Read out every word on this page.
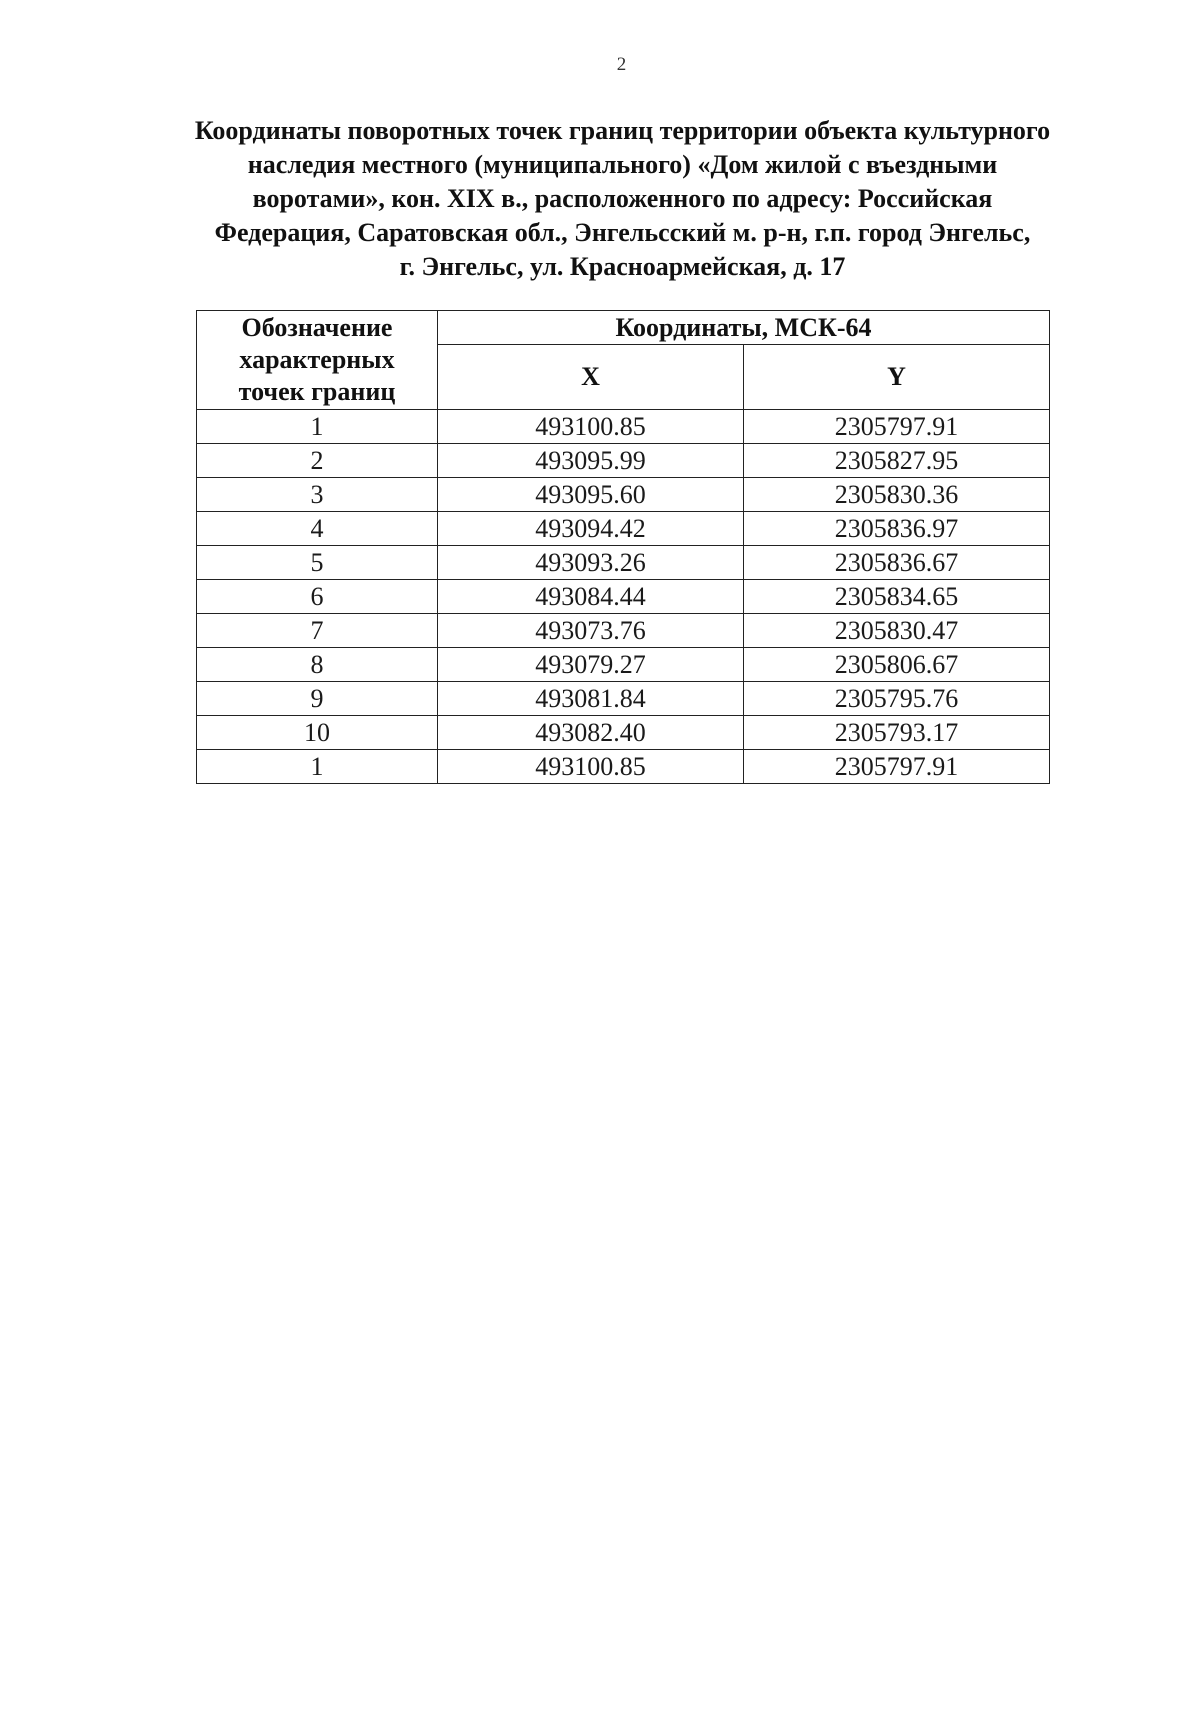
2
Координаты поворотных точек границ территории объекта культурного
наследия местного (муниципального) «Дом жилой с въездными
воротами», кон. XIX в., расположенного по адресу: Российская
Федерация, Саратовская обл., Энгельсский м. р-н, г.п. город Энгельс,
г. Энгельс, ул. Красноармейская, д. 17
Обозначение
характерных
точек границ	Координаты, МСК-64	
	X	Y
1	493100.85	2305797.91
2	493095.99	2305827.95
3	493095.60	2305830.36
4	493094.42	2305836.97
5	493093.26	2305836.67
6	493084.44	2305834.65
7	493073.76	2305830.47
8	493079.27	2305806.67
9	493081.84	2305795.76
10	493082.40	2305793.17
1	493100.85	2305797.91
